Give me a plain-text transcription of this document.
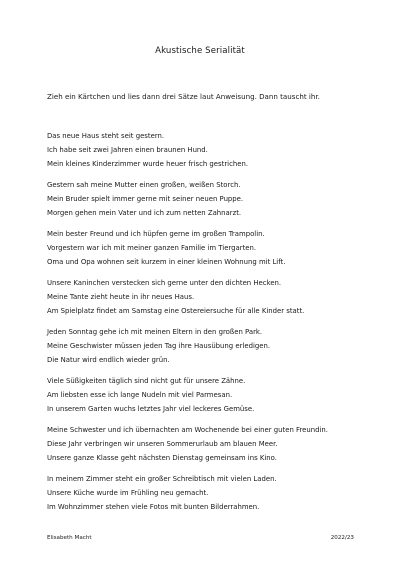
Akustische Serialität
Zieh ein Kärtchen und lies dann drei Sätze laut Anweisung. Dann tauscht ihr.
Das neue Haus steht seit gestern.
Ich habe seit zwei Jahren einen braunen Hund.
Mein kleines Kinderzimmer wurde heuer frisch gestrichen.
Gestern sah meine Mutter einen großen, weißen Storch.
Mein Bruder spielt immer gerne mit seiner neuen Puppe.
Morgen gehen mein Vater und ich zum netten Zahnarzt.
Mein bester Freund und ich hüpfen gerne im großen Trampolin.
Vorgestern war ich mit meiner ganzen Familie im Tiergarten.
Oma und Opa wohnen seit kurzem in einer kleinen Wohnung mit Lift.
Unsere Kaninchen verstecken sich gerne unter den dichten Hecken.
Meine Tante zieht heute in ihr neues Haus.
Am Spielplatz findet am Samstag eine Ostereiersuche für alle Kinder statt.
Jeden Sonntag gehe ich mit meinen Eltern in den großen Park.
Meine Geschwister müssen jeden Tag ihre Hausübung erledigen.
Die Natur wird endlich wieder grün.
Viele Süßigkeiten täglich sind nicht gut für unsere Zähne.
Am liebsten esse ich lange Nudeln mit viel Parmesan.
In unserem Garten wuchs letztes Jahr viel leckeres Gemüse.
Meine Schwester und ich übernachten am Wochenende bei einer guten Freundin.
Diese Jahr verbringen wir unseren Sommerurlaub am blauen Meer.
Unsere ganze Klasse geht nächsten Dienstag gemeinsam ins Kino.
In meinem Zimmer steht ein großer Schreibtisch mit vielen Laden.
Unsere Küche wurde im Frühling neu gemacht.
Im Wohnzimmer stehen viele Fotos mit bunten Bilderrahmen.
Elisabeth Macht	2022/23
